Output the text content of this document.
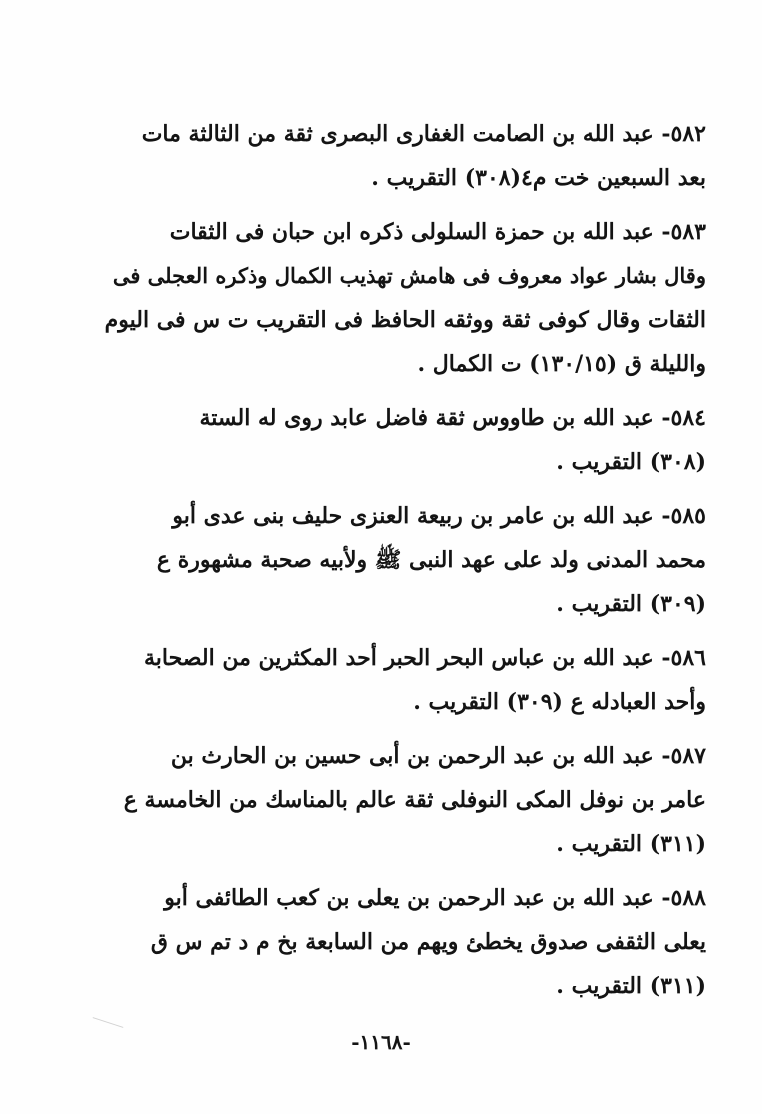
٥٨٢- عبد الله بن الصامت الغفارى البصرى ثقة من الثالثة مات
بعد السبعين خت م٤(٣٠٨) التقريب .
٥٨٣- عبد الله بن حمزة السلولى ذكره ابن حبان فى الثقات
وقال بشار عواد معروف فى هامش تهذيب الكمال وذكره العجلى فى
الثقات وقال كوفى ثقة ووثقه الحافظ فى التقريب ت س فى اليوم
والليلة ق (١٣٠/١٥) ت الكمال .
٥٨٤- عبد الله بن طاووس ثقة فاضل عابد روى له الستة
(٣٠٨) التقريب .
٥٨٥- عبد الله بن عامر بن ربيعة العنزى حليف بنى عدى أبو
محمد المدنى ولد على عهد النبى ﷺ ولأبيه صحبة مشهورة ع
(٣٠٩) التقريب .
٥٨٦- عبد الله بن عباس البحر الحبر أحد المكثرين من الصحابة
وأحد العبادله ع (٣٠٩) التقريب .
٥٨٧- عبد الله بن عبد الرحمن بن أبى حسين بن الحارث بن
عامر بن نوفل المكى النوفلى ثقة عالم بالمناسك من الخامسة ع
(٣١١) التقريب .
٥٨٨- عبد الله بن عبد الرحمن بن يعلى بن كعب الطائفى أبو
يعلى الثقفى صدوق يخطئ ويهم من السابعة بخ م د تم س ق
(٣١١) التقريب .
-١١٦٨-
